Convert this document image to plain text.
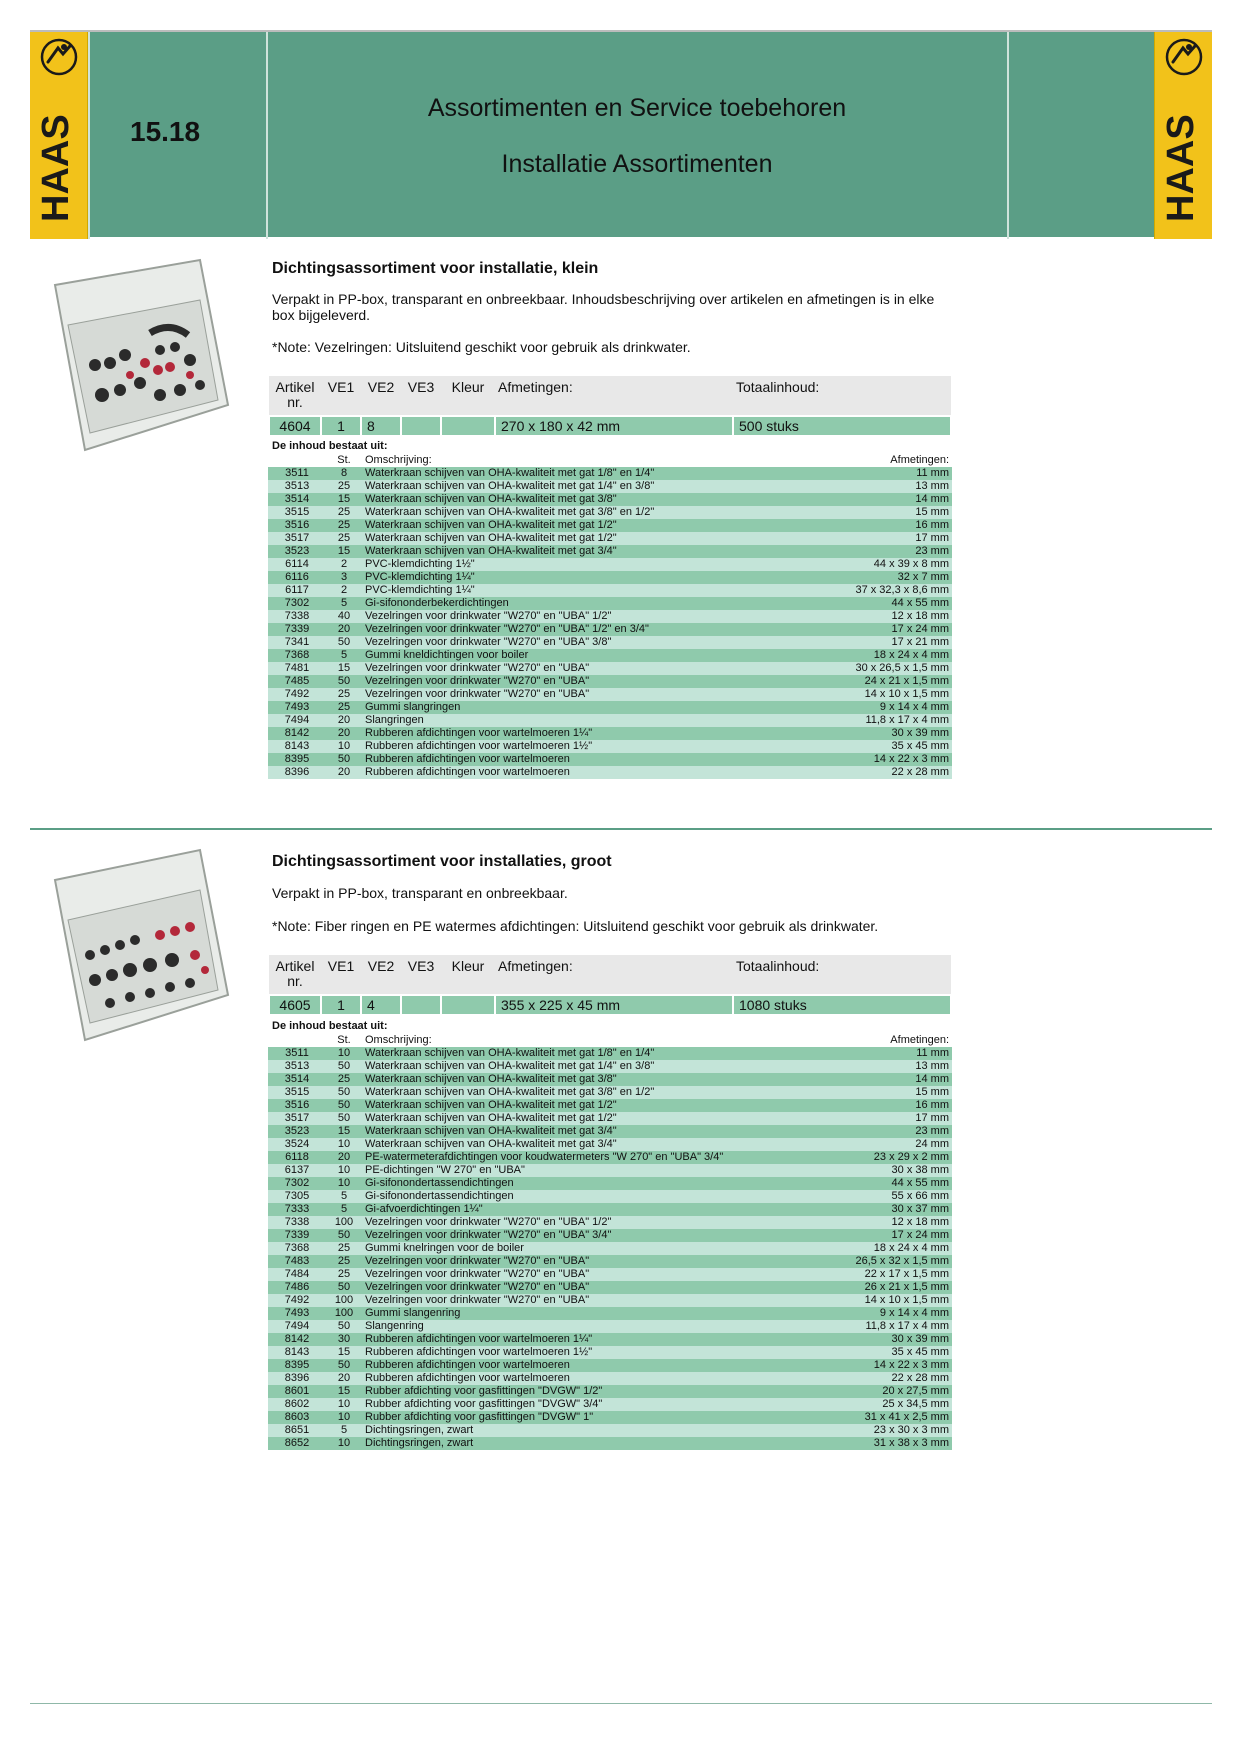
HAAS 15.18
Assortimenten en Service toebehoren
Installatie Assortimenten	HAAS
Dichtingsassortiment voor installatie, klein
Verpakt in PP-box, transparant en onbreekbaar. Inhoudsbeschrijving over artikelen en afmetingen is in elke box bijgeleverd.
*Note: Vezelringen: Uitsluitend geschikt voor gebruik als drinkwater.
Artikel nr.	VE1	VE2	VE3	Kleur	Afmetingen:	Totaalinhoud:
4604	1	8			270 x 180 x 42 mm	500 stuks
De inhoud bestaat uit:
	St.	Omschrijving:	Afmetingen:
3511	8	Waterkraan schijven van OHA-kwaliteit met gat 1/8" en 1/4"	11 mm
3513	25	Waterkraan schijven van OHA-kwaliteit met gat 1/4" en 3/8"	13 mm
3514	15	Waterkraan schijven van OHA-kwaliteit met gat 3/8"	14 mm
3515	25	Waterkraan schijven van OHA-kwaliteit met gat 3/8" en 1/2"	15 mm
3516	25	Waterkraan schijven van OHA-kwaliteit met gat 1/2"	16 mm
3517	25	Waterkraan schijven van OHA-kwaliteit met gat 1/2"	17 mm
3523	15	Waterkraan schijven van OHA-kwaliteit met gat 3/4"	23 mm
6114	2	PVC-klemdichting 1½"	44 x 39 x 8 mm
6116	3	PVC-klemdichting 1¼"	32 x 7 mm
6117	2	PVC-klemdichting 1¼"	37 x 32,3 x 8,6 mm
7302	5	Gi-sifononderbekerdichtingen	44 x 55 mm
7338	40	Vezelringen voor drinkwater "W270" en "UBA" 1/2"	12 x 18 mm
7339	20	Vezelringen voor drinkwater "W270" en "UBA" 1/2" en 3/4"	17 x 24 mm
7341	50	Vezelringen voor drinkwater "W270" en "UBA" 3/8"	17 x 21 mm
7368	5	Gummi kneldichtingen voor boiler	18 x 24 x 4 mm
7481	15	Vezelringen voor drinkwater "W270" en "UBA"	30 x 26,5 x 1,5 mm
7485	50	Vezelringen voor drinkwater "W270" en "UBA"	24 x 21 x 1,5 mm
7492	25	Vezelringen voor drinkwater "W270" en "UBA"	14 x 10 x 1,5 mm
7493	25	Gummi slangringen	9 x 14 x 4 mm
7494	20	Slangringen	11,8 x 17 x 4 mm
8142	20	Rubberen afdichtingen voor wartelmoeren 1¼"	30 x 39 mm
8143	10	Rubberen afdichtingen voor wartelmoeren 1½"	35 x 45 mm
8395	50	Rubberen afdichtingen voor wartelmoeren	14 x 22 x 3 mm
8396	20	Rubberen afdichtingen voor wartelmoeren	22 x 28 mm
Dichtingsassortiment voor installaties, groot
Verpakt in PP-box, transparant en onbreekbaar.
*Note: Fiber ringen en PE watermes afdichtingen: Uitsluitend geschikt voor gebruik als drinkwater.
Artikel nr.	VE1	VE2	VE3	Kleur	Afmetingen:	Totaalinhoud:
4605	1	4			355 x 225 x 45 mm	1080 stuks
De inhoud bestaat uit:
	St.	Omschrijving:	Afmetingen:
3511	10	Waterkraan schijven van OHA-kwaliteit met gat 1/8" en 1/4"	11 mm
3513	50	Waterkraan schijven van OHA-kwaliteit met gat 1/4" en 3/8"	13 mm
3514	25	Waterkraan schijven van OHA-kwaliteit met gat 3/8"	14 mm
3515	50	Waterkraan schijven van OHA-kwaliteit met gat 3/8" en 1/2"	15 mm
3516	50	Waterkraan schijven van OHA-kwaliteit met gat 1/2"	16 mm
3517	50	Waterkraan schijven van OHA-kwaliteit met gat 1/2"	17 mm
3523	15	Waterkraan schijven van OHA-kwaliteit met gat 3/4"	23 mm
3524	10	Waterkraan schijven van OHA-kwaliteit met gat 3/4"	24 mm
6118	20	PE-watermeterafdichtingen voor koudwatermeters "W 270" en "UBA" 3/4"	23 x 29 x 2 mm
6137	10	PE-dichtingen "W 270" en "UBA"	30 x 38 mm
7302	10	Gi-sifonondertassendichtingen	44 x 55 mm
7305	5	Gi-sifonondertassendichtingen	55 x 66 mm
7333	5	Gi-afvoerdichtingen 1¼"	30 x 37 mm
7338	100	Vezelringen voor drinkwater "W270" en "UBA" 1/2"	12 x 18 mm
7339	50	Vezelringen voor drinkwater "W270" en "UBA" 3/4"	17 x 24 mm
7368	25	Gummi knelringen voor de boiler	18 x 24 x 4 mm
7483	25	Vezelringen voor drinkwater "W270" en "UBA"	26,5 x 32 x 1,5 mm
7484	25	Vezelringen voor drinkwater "W270" en "UBA"	22 x 17 x 1,5 mm
7486	50	Vezelringen voor drinkwater "W270" en "UBA"	26 x 21 x 1,5 mm
7492	100	Vezelringen voor drinkwater "W270" en "UBA"	14 x 10 x 1,5 mm
7493	100	Gummi slangenring	9 x 14 x 4 mm
7494	50	Slangenring	11,8 x 17 x 4 mm
8142	30	Rubberen afdichtingen voor wartelmoeren 1¼"	30 x 39 mm
8143	15	Rubberen afdichtingen voor wartelmoeren 1½"	35 x 45 mm
8395	50	Rubberen afdichtingen voor wartelmoeren	14 x 22 x 3 mm
8396	20	Rubberen afdichtingen voor wartelmoeren	22 x 28 mm
8601	15	Rubber afdichting voor gasfittingen "DVGW" 1/2"	20 x 27,5 mm
8602	10	Rubber afdichting voor gasfittingen "DVGW" 3/4"	25 x 34,5 mm
8603	10	Rubber afdichting voor gasfittingen "DVGW" 1"	31 x 41 x 2,5 mm
8651	5	Dichtingsringen, zwart	23 x 30 x 3 mm
8652	10	Dichtingsringen, zwart	31 x 38 x 3 mm
